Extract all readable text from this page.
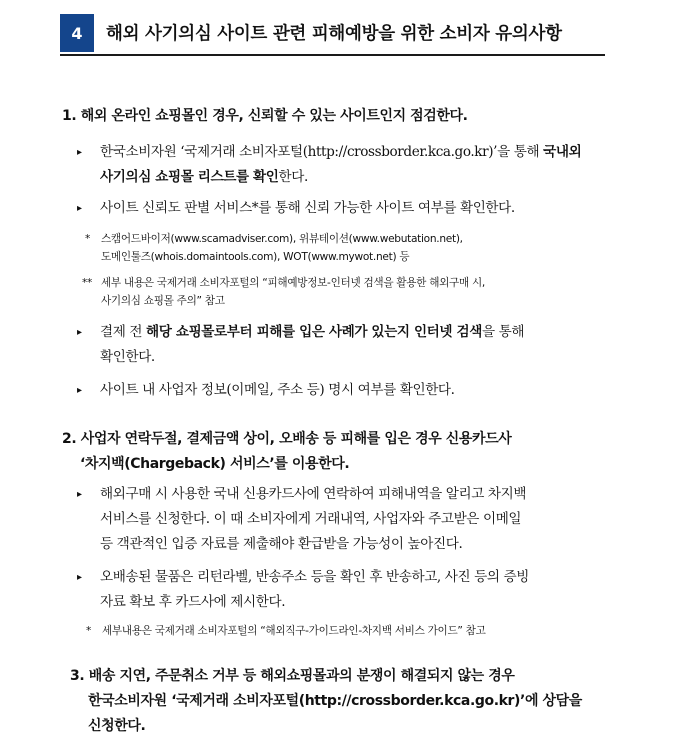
4	해외 사기의심 사이트 관련 피해예방을 위한 소비자 유의사항
1. 해외 온라인 쇼핑몰인 경우, 신뢰할 수 있는 사이트인지 점검한다.
▸ 한국소비자원 ‘국제거래 소비자포털(http://crossborder.kca.go.kr)’을 통해 국내외
사기의심 쇼핑몰 리스트를 확인한다.
▸ 사이트 신뢰도 판별 서비스*를 통해 신뢰 가능한 사이트 여부를 확인한다.
* 스캠어드바이저(www.scamadviser.com), 위뷰테이션(www.webutation.net),
도메인툴즈(whois.domaintools.com), WOT(www.mywot.net) 등
** 세부 내용은 국제거래 소비자포털의 “피해예방정보-인터넷 검색을 활용한 해외구매 시,
사기의심 쇼핑몰 주의” 참고
▸ 결제 전 해당 쇼핑몰로부터 피해를 입은 사례가 있는지 인터넷 검색을 통해
확인한다.
▸ 사이트 내 사업자 정보(이메일, 주소 등) 명시 여부를 확인한다.
2. 사업자 연락두절, 결제금액 상이, 오배송 등 피해를 입은 경우 신용카드사
‘차지백(Chargeback) 서비스’를 이용한다.
▸ 해외구매 시 사용한 국내 신용카드사에 연락하여 피해내역을 알리고 차지백
서비스를 신청한다. 이 때 소비자에게 거래내역, 사업자와 주고받은 이메일
등 객관적인 입증 자료를 제출해야 환급받을 가능성이 높아진다.
▸ 오배송된 물품은 리턴라벨, 반송주소 등을 확인 후 반송하고, 사진 등의 증빙
자료 확보 후 카드사에 제시한다.
* 세부내용은 국제거래 소비자포털의 “해외직구-가이드라인-차지백 서비스 가이드” 참고
3. 배송 지연, 주문취소 거부 등 해외쇼핑몰과의 분쟁이 해결되지 않는 경우
한국소비자원 ‘국제거래 소비자포털(http://crossborder.kca.go.kr)’에 상담을
신청한다.
